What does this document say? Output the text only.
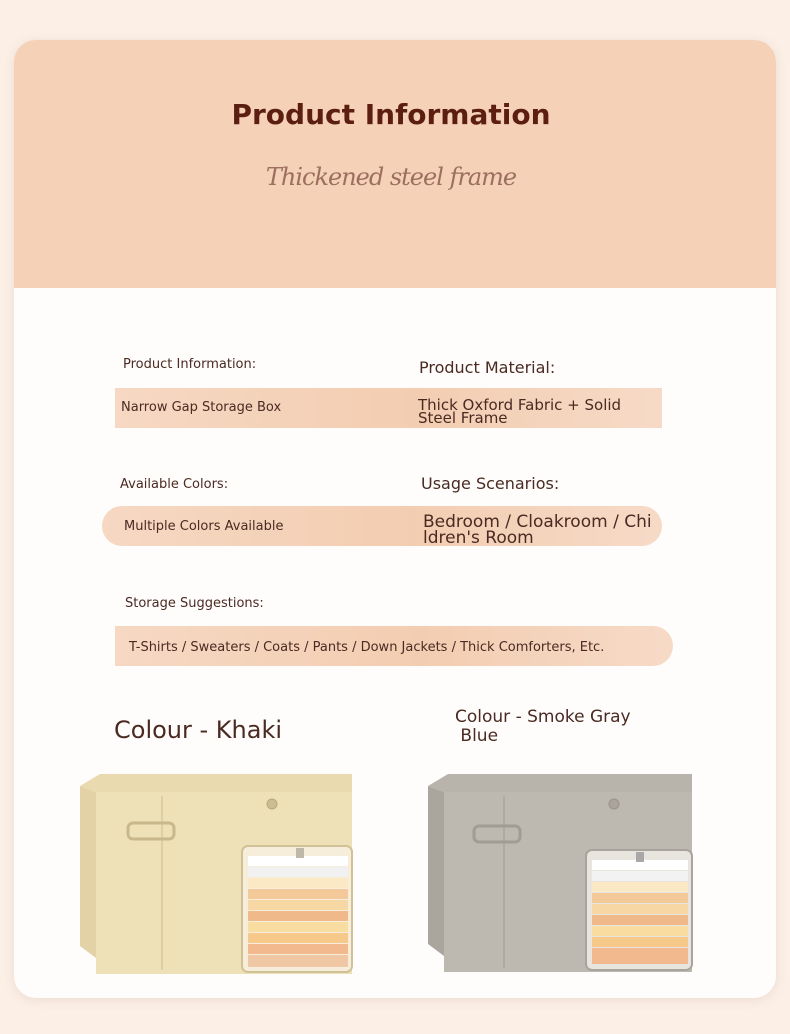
Product Information
Thickened steel frame
Product Information:	Product Material:
Narrow Gap Storage Box	Thick Oxford Fabric + Solid Steel Frame
Available Colors:	Usage Scenarios:
Multiple Colors Available	Bedroom / Cloakroom / Children's Room
Storage Suggestions:
T-Shirts / Sweaters / Coats / Pants / Down Jackets / Thick Comforters, Etc.
Colour - Khaki	Colour - Smoke Gray
Blue
